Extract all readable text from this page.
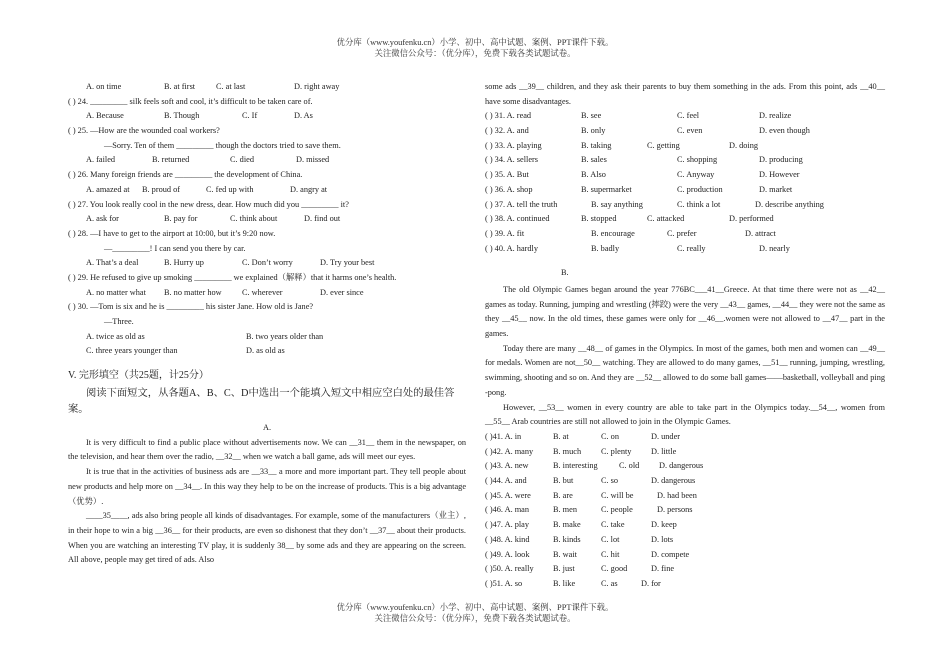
优分库（www.youfenku.cn）小学、初中、高中试题、案例、PPT课件下载。
关注微信公众号：（优分库），免费下载各类试题试卷。
A. on time	B. at first	C. at last	D. right away
( ) 24. _________ silk feels soft and cool, it’s difficult to be taken care of.
A. Because	B. Though	C. If	D. As
( ) 25. —How are the wounded coal workers?
—Sorry. Ten of them _________ though the doctors tried to save them.
A. failed	B. returned	C. died	D. missed
( ) 26. Many foreign friends are _________ the development of China.
A. amazed at B. proud of	C. fed up with	D. angry at
( ) 27. You look really cool in the new dress, dear. How much did you _________ it?
A. ask for	B. pay for	C. think about	D. find out
( ) 28. —I have to get to the airport at 10:00, but it’s 9:20 now.
—_________! I can send you there by car.
A. That’s a deal	B. Hurry up	C. Don’t worry	D. Try your best
( ) 29. He refused to give up smoking _________ we explained（解释）that it harms one’s health.
A. no matter what B. no matter how C. wherever	D. ever since
( ) 30. —Tom is six and he is _________ his sister Jane. How old is Jane?
—Three.
A. twice as old as	B. two years older than
C. three years younger than	D. as old as
V. 完形填空（共25题，计25分）
阅读下面短文，从各题A、B、C、D中选出一个能填入短文中相应空白处的最佳答案。
A.
It is very difficult to find a public place without advertisements now. We can __31__ them in the newspaper, on the television, and hear them over the radio, __32__ when we watch a ball game, ads will meet our eyes.
It is true that in the activities of business ads are __33__ a more and more important part. They tell people about new products and help more on __34__. In this way they help to be on the increase of products. This is a big advantage（优势）.
____35____, ads also bring people all kinds of disadvantages. For example, some of the manufacturers（业主）, in their hope to win a big __36__ for their products, are even so dishonest that they don’t __37__ about their products. When you are watching an interesting TV play, it is suddenly 38__ by some ads and they are appearing on the screen. All above, people may get tired of ads. Also
some ads __39__ children, and they ask their parents to buy them something in the ads. From this point, ads __40__ have some disadvantages.
( ) 31. A. read	B. see	C. feel	D. realize
( ) 32. A. and	B. only	C. even	D. even though
( ) 33. A. playing	B. taking	C. getting	D. doing
( ) 34. A. sellers	B. sales	C. shopping	D. producing
( ) 35. A. But	B. Also	C. Anyway	D. However
( ) 36. A. shop	B. supermarket	C. production	D. market
( ) 37. A. tell the truth	B. say anything	C. think a lot	D. describe anything
( ) 38. A. continued	B. stopped	C. attacked	D. performed
( ) 39. A. fit	B. encourage	C. prefer	D. attract
( ) 40. A. hardly	B. badly	C. really	D. nearly
B.
The old Olympic Games began around the year 776BC___41__Greece. At that time there were not as __42__ games as today. Running, jumping and wrestling (摔跤) were the very __43__ games, __44__ they were not the same as they __45__ now. In the old times, these games were only for __46__.women were not allowed to __47__ part in the games.
Today there are many __48__ of games in the Olympics. In most of the games, both men and women can __49__ for medals. Women are not__50__ watching. They are allowed to do many games, __51__ running, jumping, wrestling, swimming, shooting and so on. And they are __52__ allowed to do some ball games——basketball, volleyball and ping -pong.
However, __53__ women in every country are able to take part in the Olympics today.__54__, women from __55__ Arab countries are still not allowed to join in the Olympic Games.
( )41. A. in	B. at	C. on	D. under
( )42. A. many B. much C. plenty D. little
( )43. A. new	B. interesting	C. old D. dangerous
( )44. A. and	B. but	C. so	D. dangerous
( )45. A. were	B. are	C. will be	D. had been
( )46. A. man	B. men	C. people	D. persons
( )47. A. play	B. make C. take	D. keep
( )48. A. kind	B. kinds C. lot	D. lots
( )49. A. look	B. wait	C. hit	D. compete
( )50. A. really B. just	C. good	D. fine
( )51. A. so	B. like	C. as	D. for
优分库（www.youfenku.cn）小学、初中、高中试题、案例、PPT课件下载。
关注微信公众号：（优分库），免费下载各类试题试卷。
